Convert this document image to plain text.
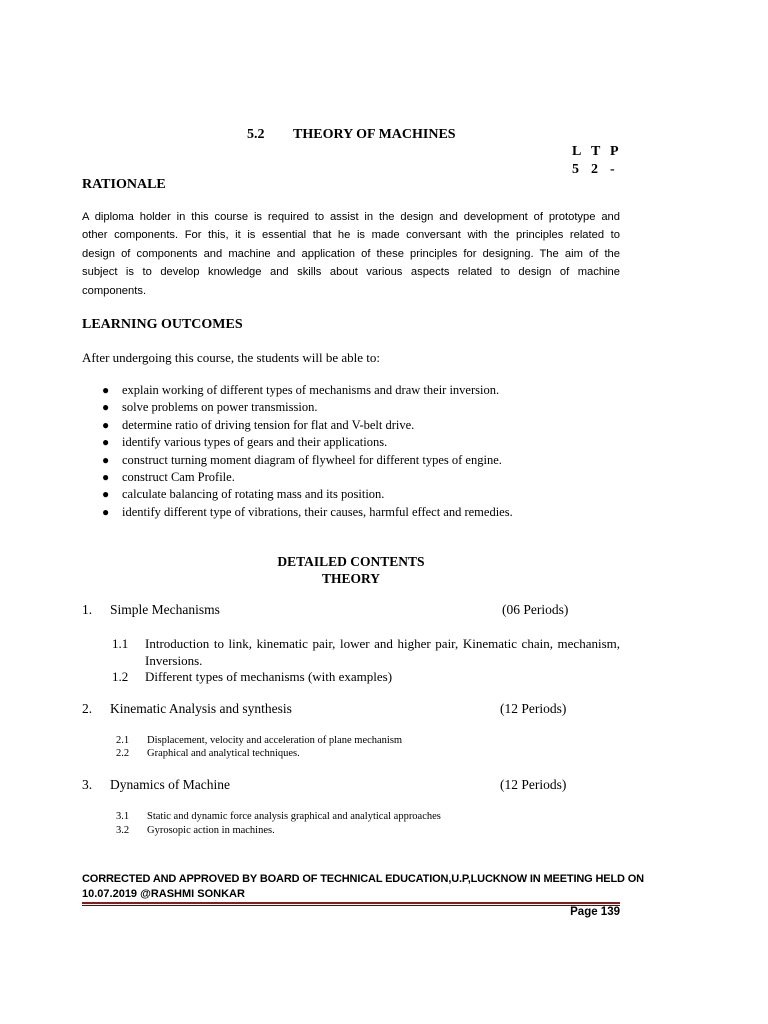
5.2 THEORY OF MACHINES
L T P
5 2 -
RATIONALE
A diploma holder in this course is required to assist in the design and development of prototype and
other components. For this, it is essential that he is made conversant with the principles related to
design of components and machine and application of these principles for designing. The aim of the
subject is to develop knowledge and skills about various aspects related to design of machine
components.
LEARNING OUTCOMES
After undergoing this course, the students will be able to:
● explain working of different types of mechanisms and draw their inversion.
● solve problems on power transmission.
● determine ratio of driving tension for flat and V-belt drive.
● identify various types of gears and their applications.
● construct turning moment diagram of flywheel for different types of engine.
● construct Cam Profile.
● calculate balancing of rotating mass and its position.
● identify different type of vibrations, their causes, harmful effect and remedies.
DETAILED CONTENTS
THEORY
1. Simple Mechanisms	(06 Periods)
1.1 Introduction to link, kinematic pair, lower and higher pair, Kinematic chain, mechanism, Inversions.
1.2 Different types of mechanisms (with examples)
2. Kinematic Analysis and synthesis	(12 Periods)
2.1 Displacement, velocity and acceleration of plane mechanism
2.2 Graphical and analytical techniques.
3. Dynamics of Machine	(12 Periods)
3.1 Static and dynamic force analysis graphical and analytical approaches
3.2 Gyrosopic action in machines.
CORRECTED AND APPROVED BY BOARD OF TECHNICAL EDUCATION,U.P,LUCKNOW IN MEETING HELD ON
10.07.2019 @RASHMI SONKAR
Page 139
